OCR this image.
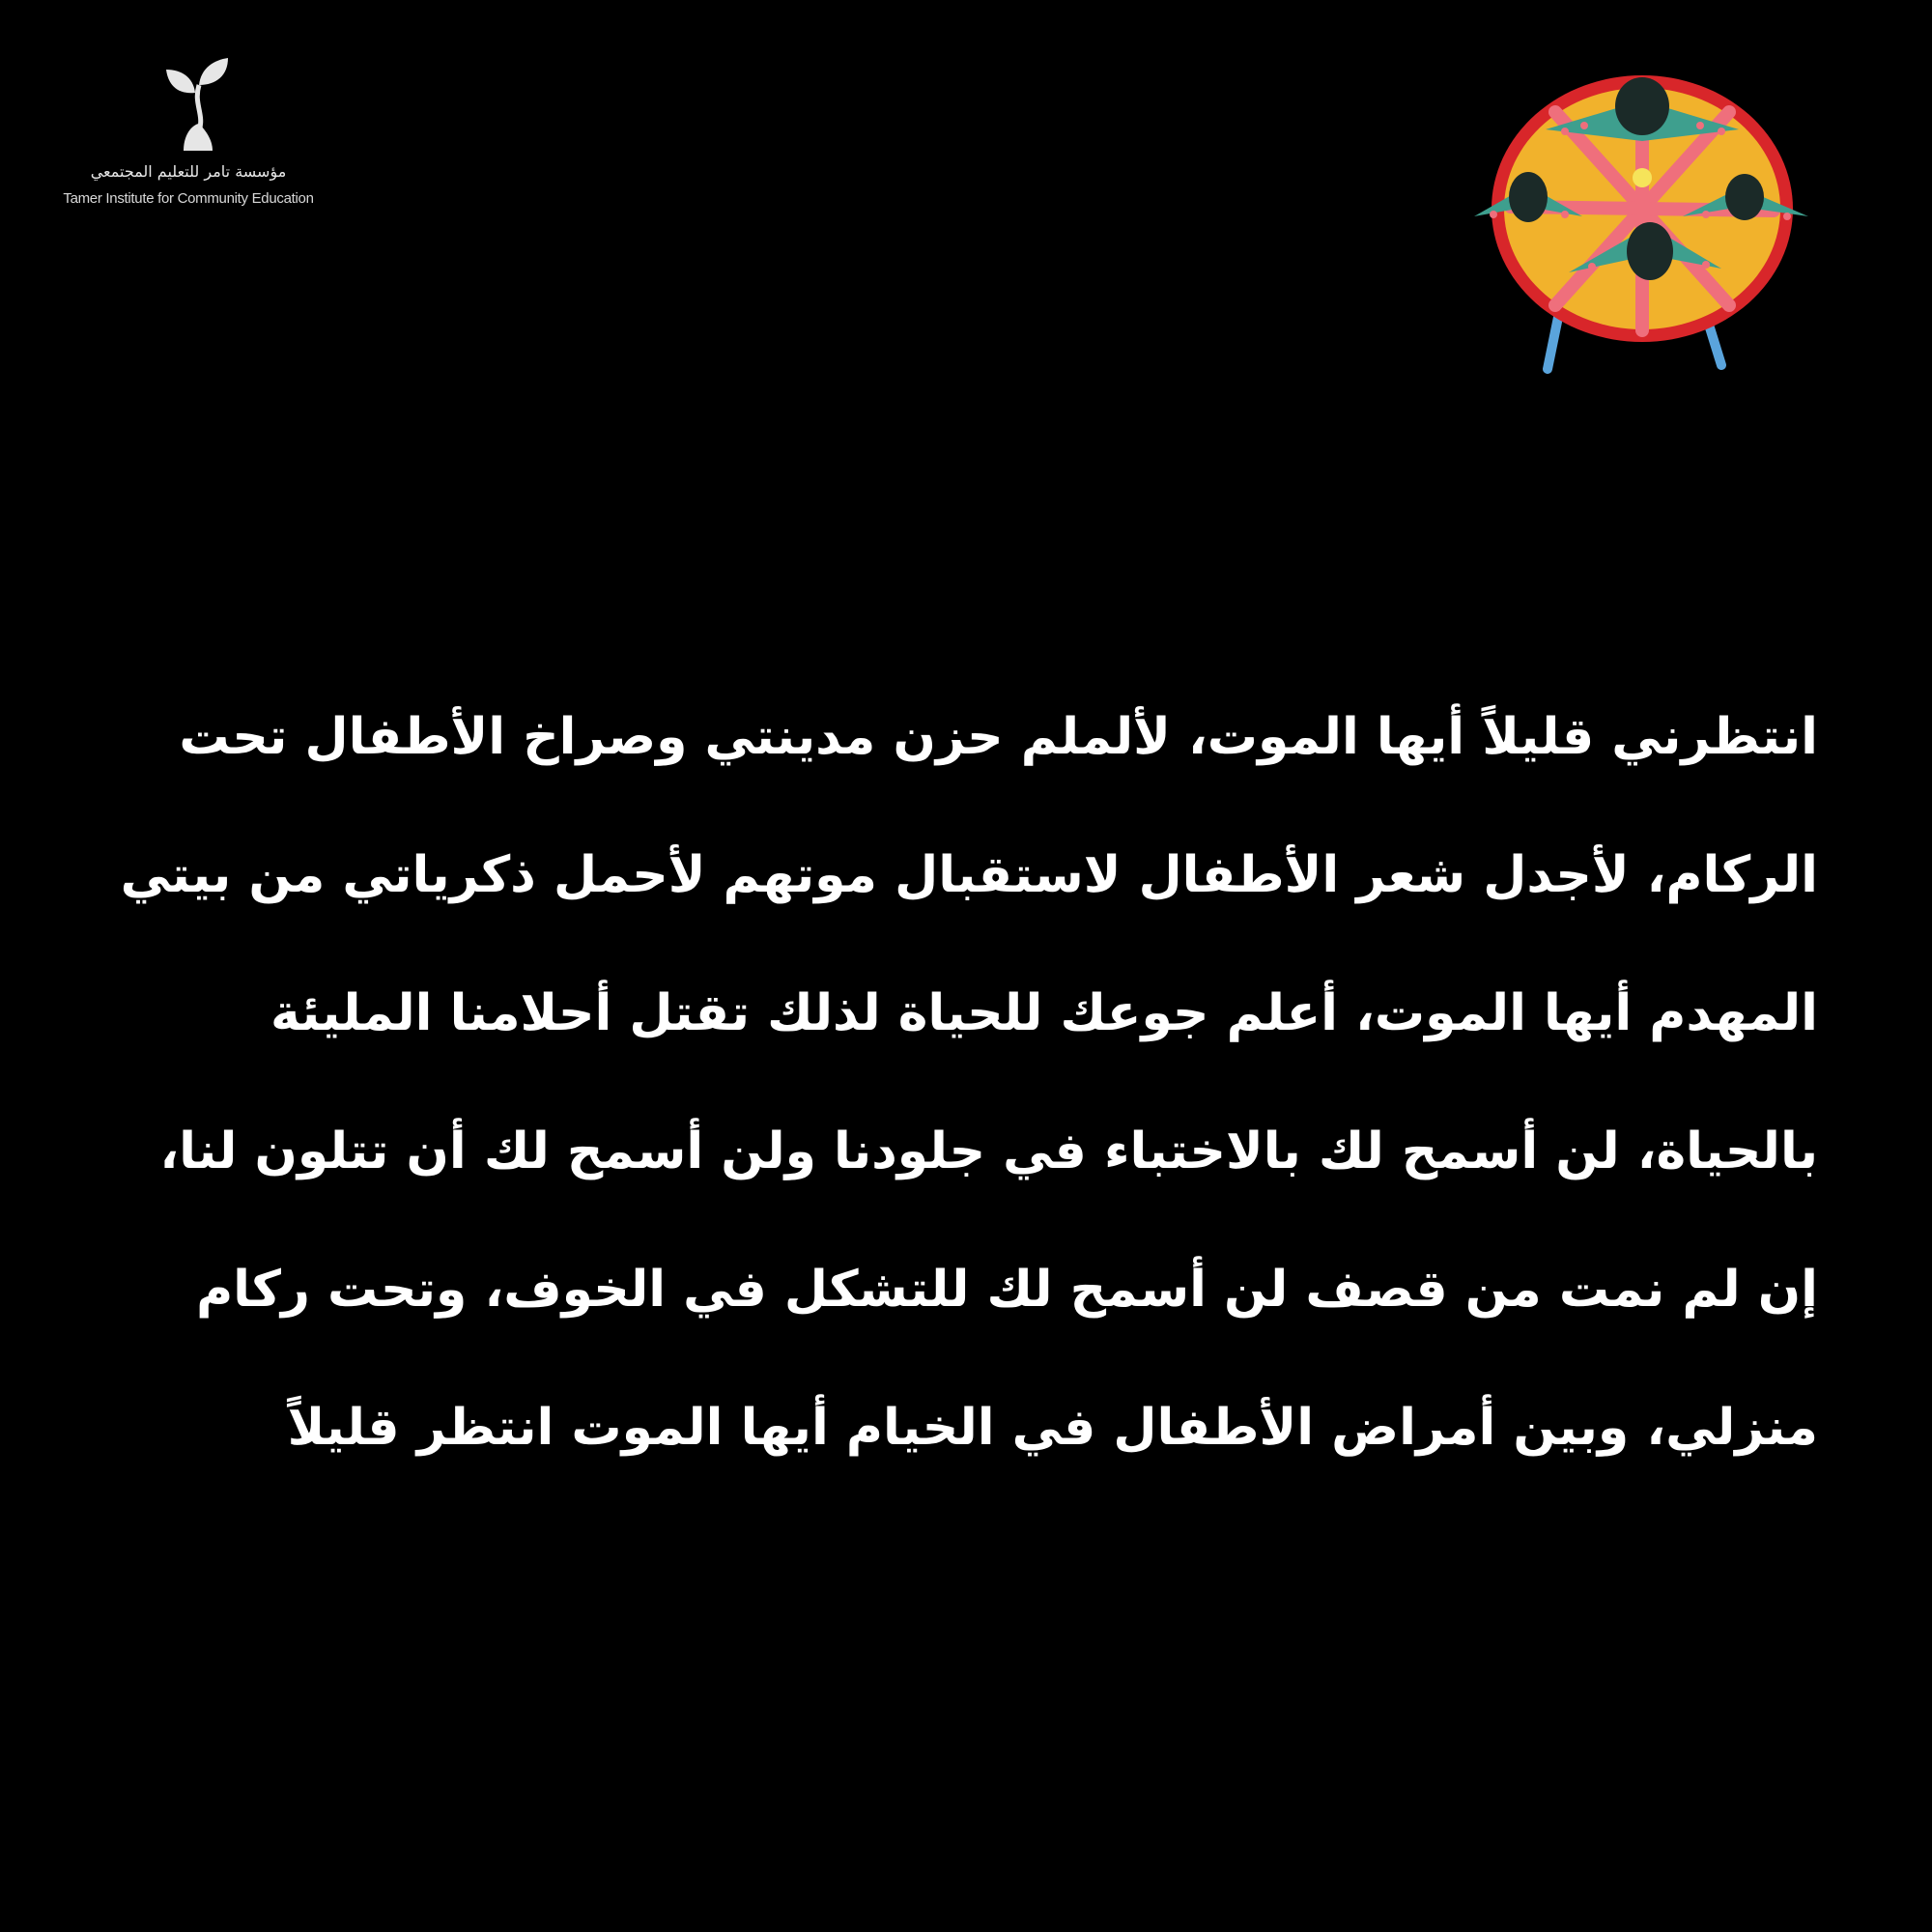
مؤسسة تامر للتعليم المجتمعي
Tamer Institute for Community Education
انتظرني قليلاً أيها الموت، لألملم حزن مدينتي وصراخ الأطفال تحت
الركام، لأجدل شعر الأطفال لاستقبال موتهم لأحمل ذكرياتي من بيتي
المهدم أيها الموت، أعلم جوعك للحياة لذلك تقتل أحلامنا المليئة
بالحياة، لن أسمح لك بالاختباء في جلودنا ولن أسمح لك أن تتلون لنا،
إن لم نمت من قصف لن أسمح لك للتشكل في الخوف، وتحت ركام
منزلي، وبين أمراض الأطفال في الخيام أيها الموت انتظر قليلاً
